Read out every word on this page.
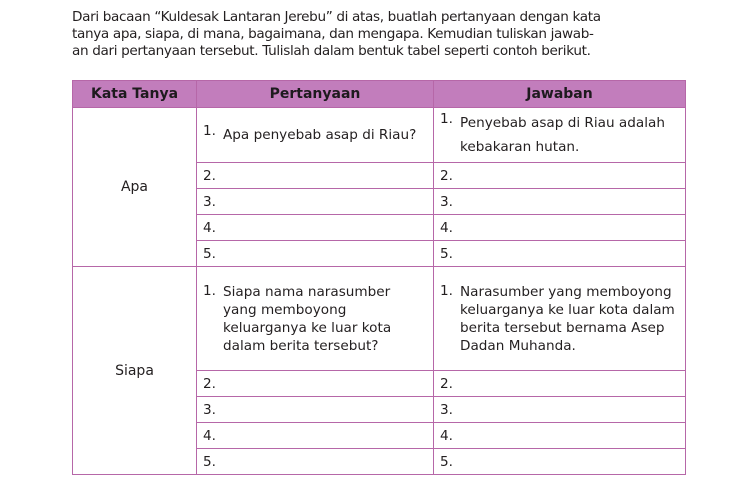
Dari bacaan “Kuldesak Lantaran Jerebu” di atas, buatlah pertanyaan dengan kata

tanya apa, siapa, di mana, bagaimana, dan mengapa. Kemudian tuliskan jawab-

an dari pertanyaan tersebut. Tulislah dalam bentuk tabel seperti contoh berikut.

Kata Tanya	Pertanyaan	Jawaban
Apa	1. Apa penyebab asap di Riau?	1. Penyebab asap di Riau adalah kebakaran hutan.

	2.	2.

	3.	3.

	4.	4.

	5.	5.

Siapa	1. Siapa nama narasumber yang memboyong keluarganya ke luar kota dalam berita tersebut?	1. Narasumber yang memboyong keluarganya ke luar kota dalam berita tersebut bernama Asep Dadan Muhanda.

	2.	2.

	3.	3.

	4.	4.

	5.	5.
